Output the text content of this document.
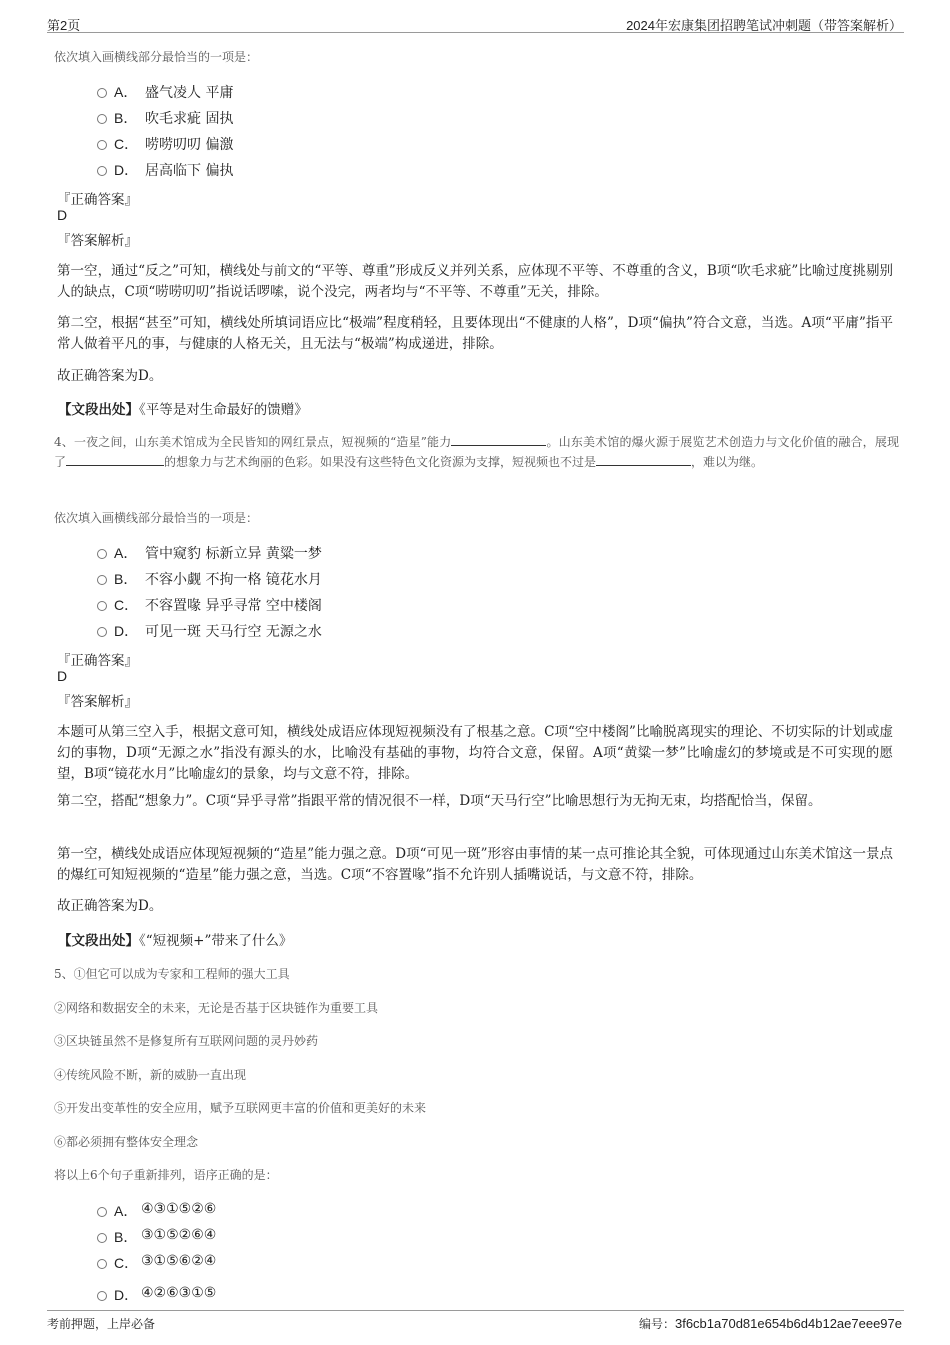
第2页	2024年宏康集团招聘笔试冲刺题（带答案解析）
依次填入画横线部分最恰当的一项是：
A． 盛气凌人 平庸
B． 吹毛求疵 固执
C． 唠唠叨叨 偏激
D． 居高临下 偏执
『正确答案』
D
『答案解析』
第一空，通过“反之”可知，横线处与前文的“平等、尊重”形成反义并列关系，应体现不平等、不尊重的含义，B项“吹毛求疵”比喻过度挑剔别人的缺点，C项“唠唠叨叨”指说话啰嗦，说个没完，两者均与“不平等、不尊重”无关，排除。
第二空，根据“甚至”可知，横线处所填词语应比“极端”程度稍轻，且要体现出“不健康的人格”，D项“偏执”符合文意，当选。A项“平庸”指平常人做着平凡的事，与健康的人格无关，且无法与“极端”构成递进，排除。
故正确答案为D。
【文段出处】《平等是对生命最好的馈赠》
4、一夜之间，山东美术馆成为全民皆知的网红景点，短视频的“造星”能力	。山东美术馆的爆火源于展览艺术创造力与文化价值的融合，展现了	的想象力与艺术绚丽的色彩。如果没有这些特色文化资源为支撑，短视频也不过是	，难以为继。
依次填入画横线部分最恰当的一项是：
A． 管中窥豹 标新立异 黄粱一梦
B． 不容小觑 不拘一格 镜花水月
C． 不容置喙 异乎寻常 空中楼阁
D． 可见一斑 天马行空 无源之水
『正确答案』
D
『答案解析』
本题可从第三空入手，根据文意可知，横线处成语应体现短视频没有了根基之意。C项“空中楼阁”比喻脱离现实的理论、不切实际的计划或虚幻的事物，D项“无源之水”指没有源头的水，比喻没有基础的事物，均符合文意，保留。A项“黄粱一梦”比喻虚幻的梦境或是不可实现的愿望，B项“镜花水月”比喻虚幻的景象，均与文意不符，排除。
第二空，搭配“想象力”。C项“异乎寻常”指跟平常的情况很不一样，D项“天马行空”比喻思想行为无拘无束，均搭配恰当，保留。
第一空，横线处成语应体现短视频的“造星”能力强之意。D项“可见一斑”形容由事情的某一点可推论其全貌，可体现通过山东美术馆这一景点的爆红可知短视频的“造星”能力强之意，当选。C项“不容置喙”指不允许别人插嘴说话，与文意不符，排除。
故正确答案为D。
【文段出处】《“短视频+”带来了什么》
5、①但它可以成为专家和工程师的强大工具
②网络和数据安全的未来，无论是否基于区块链作为重要工具
③区块链虽然不是修复所有互联网问题的灵丹妙药
④传统风险不断，新的威胁一直出现
⑤开发出变革性的安全应用，赋予互联网更丰富的价值和更美好的未来
⑥都必须拥有整体安全理念
将以上6个句子重新排列，语序正确的是：
A． ④③①⑤②⑥
B． ③①⑤②⑥④
C． ③①⑤⑥②④
D． ④②⑥③①⑤
考前押题，上岸必备	编号：3f6cb1a70d81e654b6d4b12ae7eee97e
